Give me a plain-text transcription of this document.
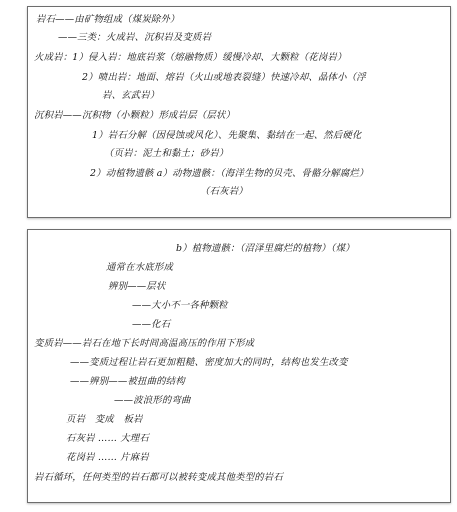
岩石——由矿物组成（煤炭除外）
——三类：火成岩、沉积岩及变质岩
火成岩：1）侵入岩：地底岩浆（熔融物质）缓慢冷却、大颗粒（花岗岩）
2）喷出岩：地面、熔岩（火山或地表裂缝）快速冷却、晶体小（浮
岩、玄武岩）
沉积岩——沉积物（小颗粒）形成岩层（层状）
1）岩石分解（因侵蚀或风化）、先聚集、黏结在一起、然后硬化
（页岩：泥土和黏土；砂岩）
2）动植物遗骸 a）动物遗骸：（海洋生物的贝壳、骨骼分解腐烂）
（石灰岩）
b）植物遗骸：（沼泽里腐烂的植物）（煤）
通常在水底形成
辨别——层状
——大小不一各种颗粒
——化石
变质岩——岩石在地下长时间高温高压的作用下形成
——变质过程让岩石更加粗糙、密度加大的同时，结构也发生改变
——辨别——被扭曲的结构
——波浪形的弯曲
页岩　变成　板岩
石灰岩 …… 大理石
花岗岩 …… 片麻岩
岩石循环，任何类型的岩石都可以被转变成其他类型的岩石
